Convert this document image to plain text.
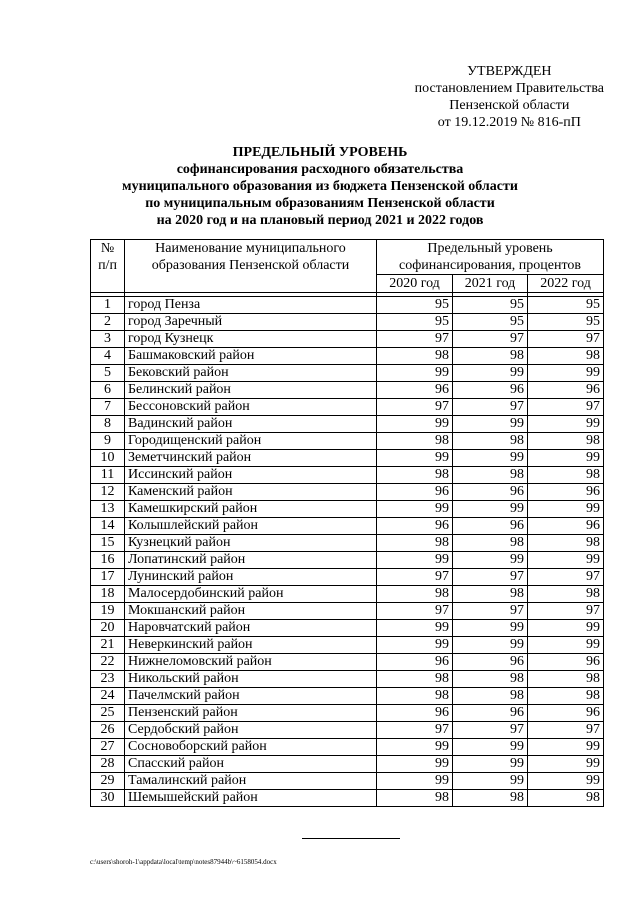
УТВЕРЖДЕН
постановлением Правительства
Пензенской области
от 19.12.2019 № 816-пП
ПРЕДЕЛЬНЫЙ УРОВЕНЬ
софинансирования расходного обязательства
муниципального образования из бюджета Пензенской области
по муниципальным образованиям Пензенской области
на 2020 год и на плановый период 2021 и 2022 годов
№ п/п	Наименование муниципального образования Пензенской области	Предельный уровень софинансирования, процентов		
		2020 год	2021 год	2022 год

1	город Пенза	95	95	95
2	город Заречный	95	95	95
3	город Кузнецк	97	97	97
4	Башмаковский район	98	98	98
5	Бековский район	99	99	99
6	Белинский район	96	96	96
7	Бессоновский район	97	97	97
8	Вадинский район	99	99	99
9	Городищенский район	98	98	98
10	Земетчинский район	99	99	99
11	Иссинский район	98	98	98
12	Каменский район	96	96	96
13	Камешкирский район	99	99	99
14	Колышлейский район	96	96	96
15	Кузнецкий район	98	98	98
16	Лопатинский район	99	99	99
17	Лунинский район	97	97	97
18	Малосердобинский район	98	98	98
19	Мокшанский район	97	97	97
20	Наровчатский район	99	99	99
21	Неверкинский район	99	99	99
22	Нижнеломовский район	96	96	96
23	Никольский район	98	98	98
24	Пачелмский район	98	98	98
25	Пензенский район	96	96	96
26	Сердобский район	97	97	97
27	Сосновоборский район	99	99	99
28	Спасский район	99	99	99
29	Тамалинский район	99	99	99
30	Шемышейский район	98	98	98
c:\users\shoroh-1\appdata\local\temp\notes87944b\~6158054.docx
